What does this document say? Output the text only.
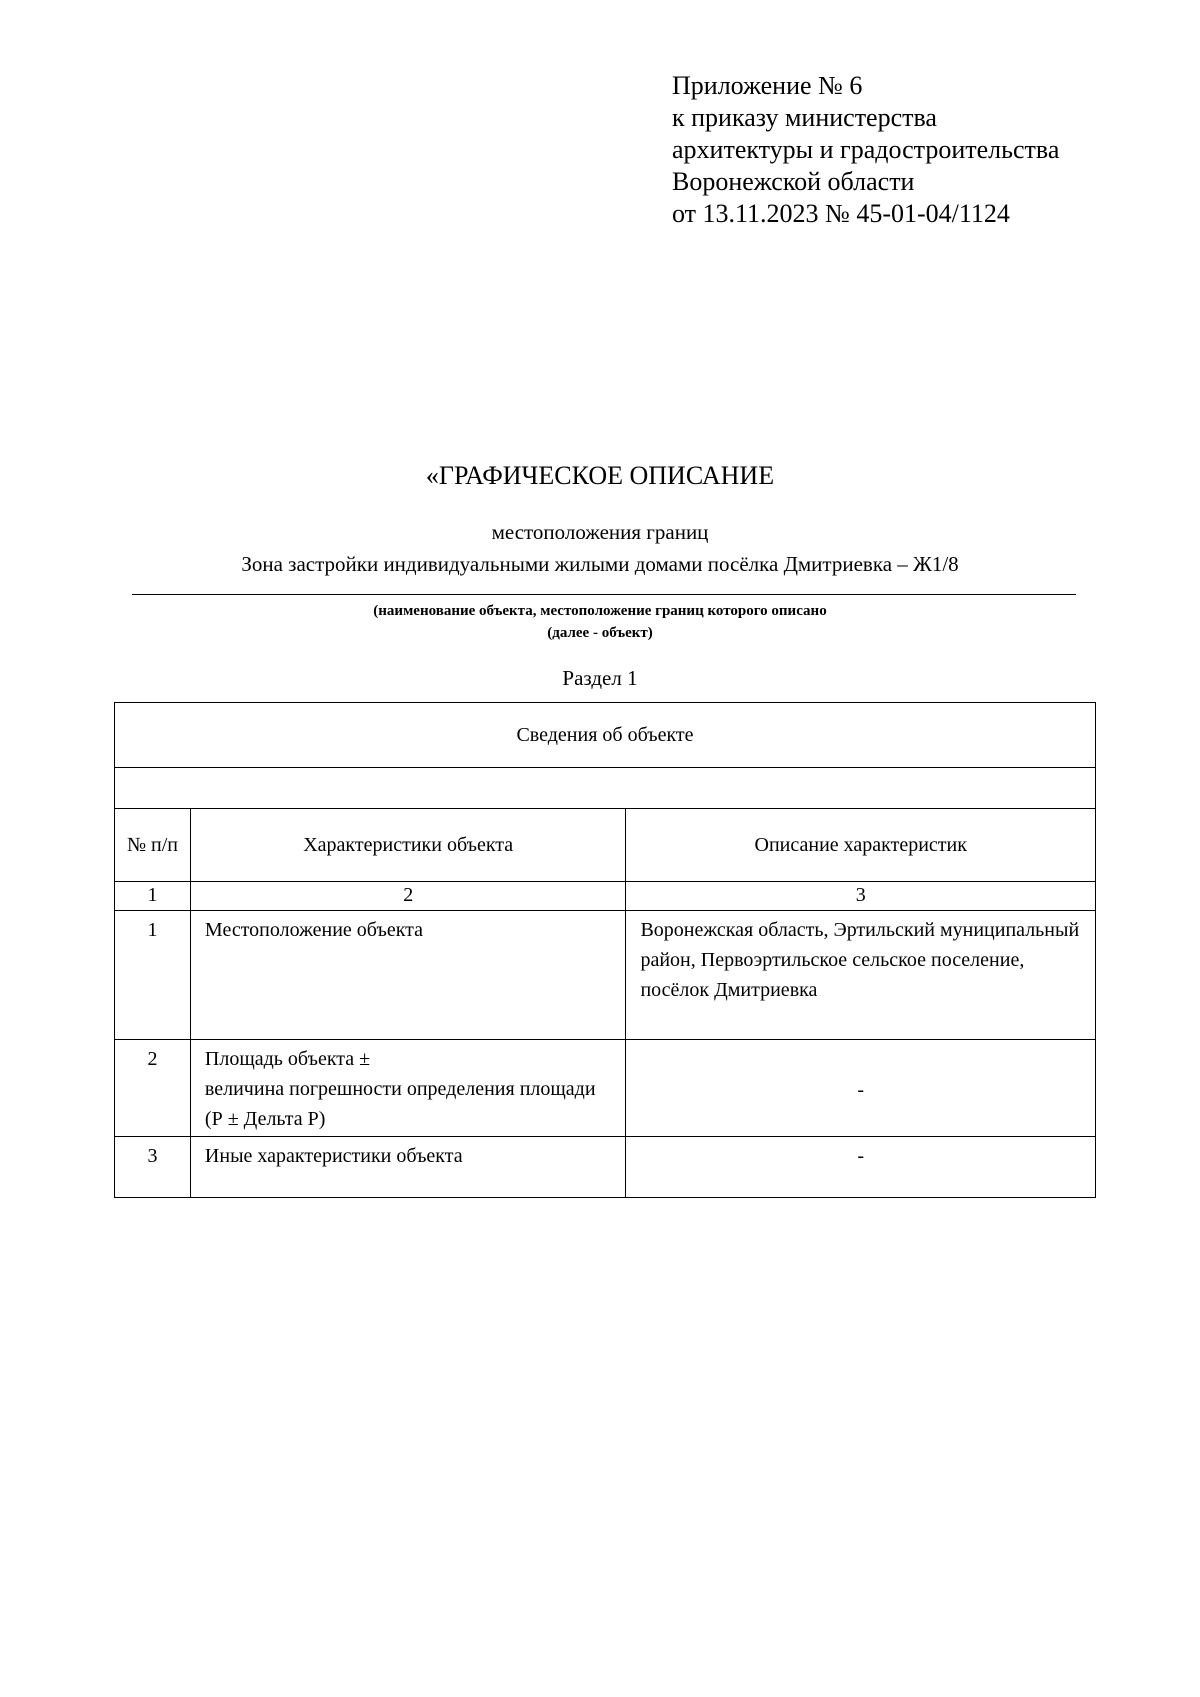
Приложение № 6
к приказу министерства
архитектуры и градостроительства
Воронежской области
от 13.11.2023 № 45-01-04/1124
«ГРАФИЧЕСКОЕ ОПИСАНИЕ
местоположения границ
Зона застройки индивидуальными жилыми домами посёлка Дмитриевка – Ж1/8
(наименование объекта, местоположение границ которого описано
(далее - объект)
Раздел 1
Сведения об объекте		

№ п/п	Характеристики объекта	Описание характеристик
1	2	3
1	Местоположение объекта	Воронежская область, Эртильский муниципальный район, Первоэртильское сельское поселение, посёлок Дмитриевка
2	Площадь объекта ±
величина погрешности определения площади (Р ± Дельта Р)	-
3	Иные характеристики объекта	-
